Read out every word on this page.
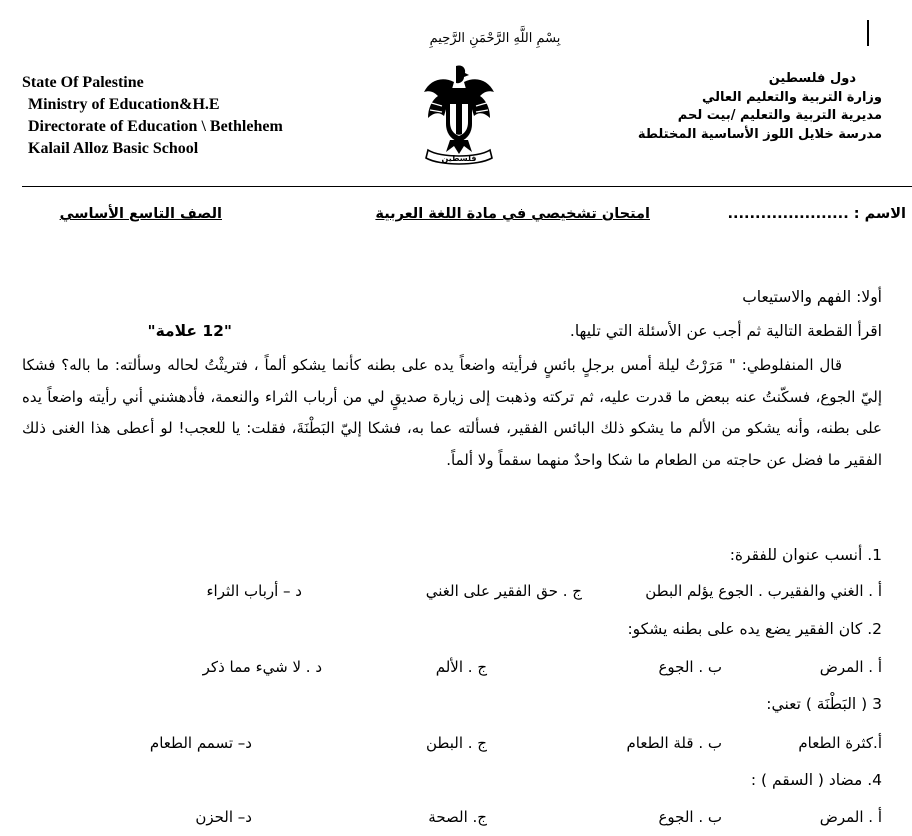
بِسْمِ اللَّهِ الرَّحْمَنِ الرَّحِيمِ
State Of Palestine
Ministry of Education&H.E
Directorate of Education \ Bethlehem
Kalail Alloz Basic School
فلسطين
دول فلسطين
وزارة التربية والتعليم العالي
مديرية التربية والتعليم /بيت لحم
مدرسة خلايل اللوز الأساسية المختلطة
الاسم : ......................
امتحان تشخيصي في مادة اللغة العربية
الصف التاسع الأساسي
أولا: الفهم والاستيعاب
اقرأ القطعة التالية ثم أجب عن الأسئلة التي تليها.
"12 علامة"
قال المنفلوطي: " مَرَرْتُ ليلة أمس برجلٍ بائسٍ فرأيته واضعاً يده على بطنه كأنما يشكو ألماً ، فتريثْتُ لحاله وسألته: ما باله؟ فشكا إليّ الجوع، فسكّنتُ عنه ببعض ما قدرت عليه، ثم تركته وذهبت إلى زيارة صديقٍ لي من أرباب الثراء والنعمة، فأدهشني أني رأيته واضعاً يده على بطنه، وأنه يشكو من الألم ما يشكو ذلك البائس الفقير، فسألته عما به، فشكا إليّ البَطْنَةَ، فقلت: يا للعجب! لو أعطى هذا الغنى ذلك الفقير ما فضل عن حاجته من الطعام ما شكا واحدٌ منهما سقماً ولا ألماً.
1. أنسب عنوان للفقرة:
أ . الغني والفقيرب . الجوع يؤلم البطن
ج . حق الفقير على الغني
د – أرباب الثراء
2. كان الفقير يضع يده على بطنه يشكو:
أ . المرض
ب . الجوع
ج . الألم
د . لا شيء مما ذكر
3 ( البَطْنَة ) تعني:
أ.كثرة الطعام
ب . قلة الطعام
ج . البطن
د– تسمم الطعام
4. مضاد ( السقم ) :
أ . المرض
ب . الجوع
ج. الصحة
د– الحزن
